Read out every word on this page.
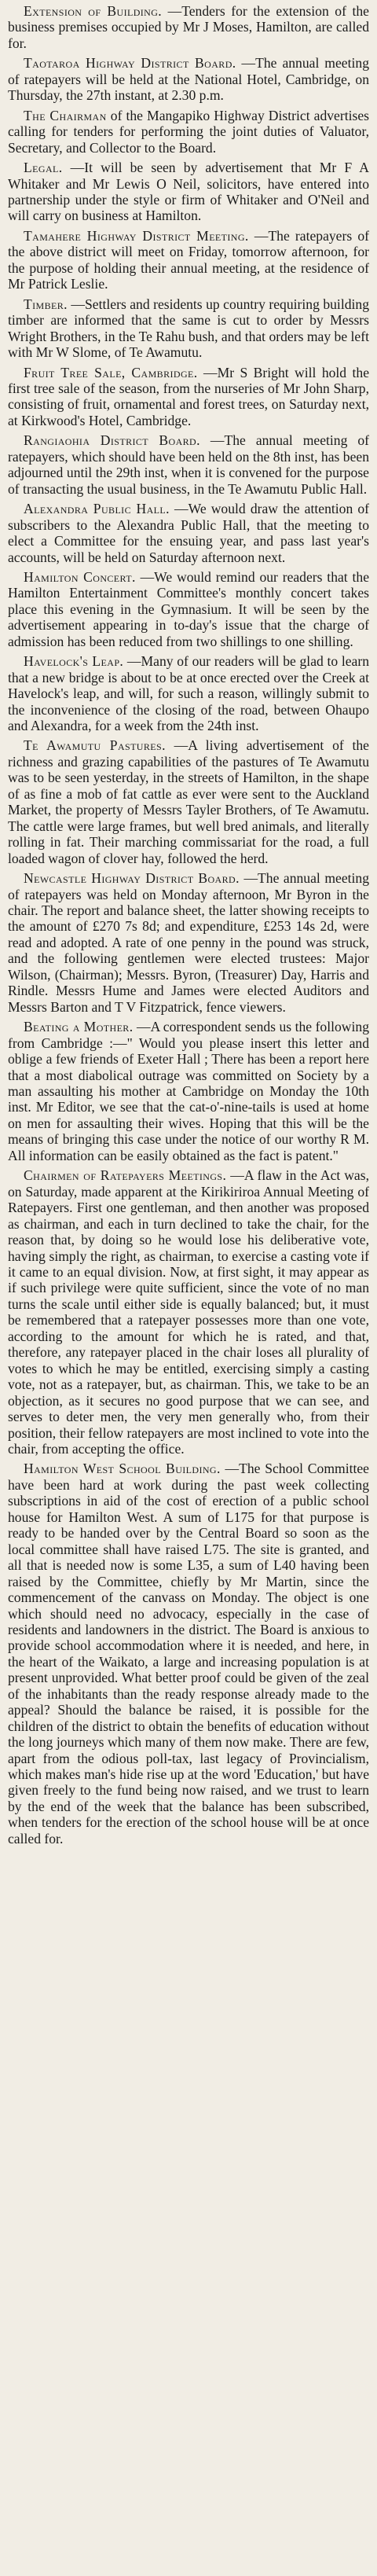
Extension of Building. —Tenders for the extension of the business premises occupied by Mr J Moses, Hamilton, are called for.

Taotaroa Highway District Board. —The annual meeting of ratepayers will be held at the National Hotel, Cambridge, on Thursday, the 27th instant, at 2.30 p.m.

The Chairman of the Mangapiko Highway District advertises calling for tenders for performing the joint duties of Valuator, Secretary, and Collector to the Board.

Legal. —It will be seen by advertisement that Mr F A Whitaker and Mr Lewis O Neil, solicitors, have entered into partnership under the style or firm of Whitaker and O'Neil and will carry on business at Hamilton.

Tamahere Highway District Meeting. —The ratepayers of the above district will meet on Friday, tomorrow afternoon, for the purpose of holding their annual meeting, at the residence of Mr Patrick Leslie.

Timber. —Settlers and residents up country requiring building timber are informed that the same is cut to order by Messrs Wright Brothers, in the Te Rahu bush, and that orders may be left with Mr W Slome, of Te Awamutu.

Fruit Tree Sale, Cambridge. —Mr S Bright will hold the first tree sale of the season, from the nurseries of Mr John Sharp, consisting of fruit, ornamental and forest trees, on Saturday next, at Kirkwood's Hotel, Cambridge.

Rangiaohia District Board. —The annual meeting of ratepayers, which should have been held on the 8th inst, has been adjourned until the 29th inst, when it is convened for the purpose of transacting the usual business, in the Te Awamutu Public Hall.

Alexandra Public Hall. —We would draw the attention of subscribers to the Alexandra Public Hall, that the meeting to elect a Committee for the ensuing year, and pass last year's accounts, will be held on Saturday afternoon next.

Hamilton Concert. —We would remind our readers that the Hamilton Entertainment Committee's monthly concert takes place this evening in the Gymnasium. It will be seen by the advertisement appearing in to-day's issue that the charge of admission has been reduced from two shillings to one shilling.

Havelock's Leap. —Many of our readers will be glad to learn that a new bridge is about to be at once erected over the Creek at Havelock's leap, and will, for such a reason, willingly submit to the inconvenience of the closing of the road, between Ohaupo and Alexandra, for a week from the 24th inst.

Te Awamutu Pastures. —A living advertisement of the richness and grazing capabilities of the pastures of Te Awamutu was to be seen yesterday, in the streets of Hamilton, in the shape of as fine a mob of fat cattle as ever were sent to the Auckland Market, the property of Messrs Tayler Brothers, of Te Awamutu. The cattle were large frames, but well bred animals, and literally rolling in fat. Their marching commissariat for the road, a full loaded wagon of clover hay, followed the herd.

Newcastle Highway District Board. —The annual meeting of ratepayers was held on Monday afternoon, Mr Byron in the chair. The report and balance sheet, the latter showing receipts to the amount of £270 7s 8d; and expenditure, £253 14s 2d, were read and adopted. A rate of one penny in the pound was struck, and the following gentlemen were elected trustees: Major Wilson, (Chairman); Messrs. Byron, (Treasurer) Day, Harris and Rindle. Messrs Hume and James were elected Auditors and Messrs Barton and T V Fitzpatrick, fence viewers.

Beating a Mother. —A correspondent sends us the following from Cambridge :—" Would you please insert this letter and oblige a few friends of Exeter Hall ; There has been a report here that a most diabolical outrage was committed on Society by a man assaulting his mother at Cambridge on Monday the 10th inst. Mr Editor, we see that the cat-o'-nine-tails is used at home on men for assaulting their wives. Hoping that this will be the means of bringing this case under the notice of our worthy R M. All information can be easily obtained as the fact is patent."

Chairmen of Ratepayers Meetings. —A flaw in the Act was, on Saturday, made apparent at the Kirikiriroa Annual Meeting of Ratepayers. First one gentleman, and then another was proposed as chairman, and each in turn declined to take the chair, for the reason that, by doing so he would lose his deliberative vote, having simply the right, as chairman, to exercise a casting vote if it came to an equal division. Now, at first sight, it may appear as if such privilege were quite sufficient, since the vote of no man turns the scale until either side is equally balanced; but, it must be remembered that a ratepayer possesses more than one vote, according to the amount for which he is rated, and that, therefore, any ratepayer placed in the chair loses all plurality of votes to which he may be entitled, exercising simply a casting vote, not as a ratepayer, but, as chairman. This, we take to be an objection, as it secures no good purpose that we can see, and serves to deter men, the very men generally who, from their position, their fellow ratepayers are most inclined to vote into the chair, from accepting the office.

Hamilton West School Building. —The School Committee have been hard at work during the past week collecting subscriptions in aid of the cost of erection of a public school house for Hamilton West. A sum of L175 for that purpose is ready to be handed over by the Central Board so soon as the local committee shall have raised L75. The site is granted, and all that is needed now is some L35, a sum of L40 having been raised by the Committee, chiefly by Mr Martin, since the commencement of the canvass on Monday. The object is one which should need no advocacy, especially in the case of residents and landowners in the district. The Board is anxious to provide school accommodation where it is needed, and here, in the heart of the Waikato, a large and increasing population is at present unprovided. What better proof could be given of the zeal of the inhabitants than the ready response already made to the appeal? Should the balance be raised, it is possible for the children of the district to obtain the benefits of education without the long journeys which many of them now make. There are few, apart from the odious poll-tax, last legacy of Provincialism, which makes man's hide rise up at the word 'Education,' but have given freely to the fund being now raised, and we trust to learn by the end of the week that the balance has been subscribed, when tenders for the erection of the school house will be at once called for.
